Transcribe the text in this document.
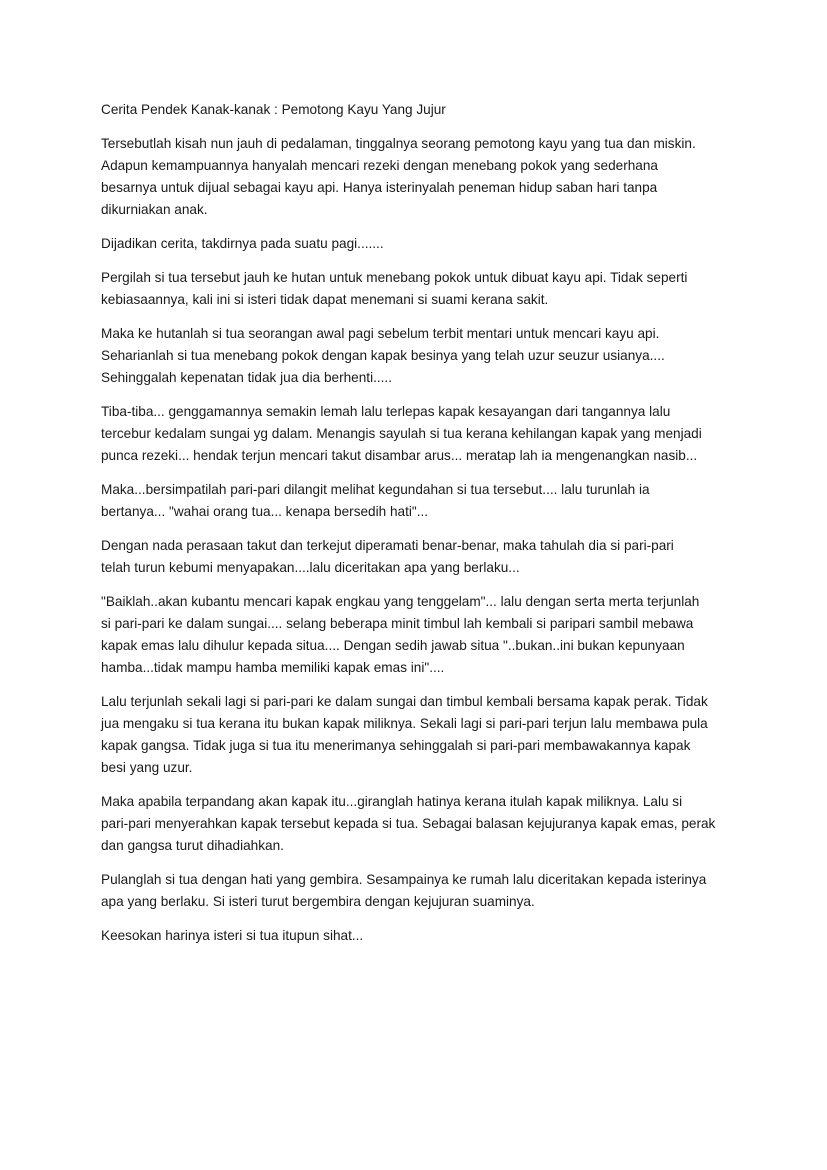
Cerita Pendek Kanak-kanak : Pemotong Kayu Yang Jujur
Tersebutlah kisah nun jauh di pedalaman, tinggalnya seorang pemotong kayu yang tua dan miskin.
Adapun kemampuannya hanyalah mencari rezeki dengan menebang pokok yang sederhana
besarnya untuk dijual sebagai kayu api. Hanya isterinyalah peneman hidup saban hari tanpa
dikurniakan anak.
Dijadikan cerita, takdirnya pada suatu pagi.......
Pergilah si tua tersebut jauh ke hutan untuk menebang pokok untuk dibuat kayu api. Tidak seperti
kebiasaannya, kali ini si isteri tidak dapat menemani si suami kerana sakit.
Maka ke hutanlah si tua seorangan awal pagi sebelum terbit mentari untuk mencari kayu api.
Seharianlah si tua menebang pokok dengan kapak besinya yang telah uzur seuzur usianya....
Sehinggalah kepenatan tidak jua dia berhenti.....
Tiba-tiba... genggamannya semakin lemah lalu terlepas kapak kesayangan dari tangannya lalu
tercebur kedalam sungai yg dalam. Menangis sayulah si tua kerana kehilangan kapak yang menjadi
punca rezeki... hendak terjun mencari takut disambar arus... meratap lah ia mengenangkan nasib...
Maka...bersimpatilah pari-pari dilangit melihat kegundahan si tua tersebut.... lalu turunlah ia
bertanya... "wahai orang tua... kenapa bersedih hati"...
Dengan nada perasaan takut dan terkejut diperamati benar-benar, maka tahulah dia si pari-pari
telah turun kebumi menyapakan....lalu diceritakan apa yang berlaku...
"Baiklah..akan kubantu mencari kapak engkau yang tenggelam"... lalu dengan serta merta terjunlah
si pari-pari ke dalam sungai.... selang beberapa minit timbul lah kembali si paripari sambil mebawa
kapak emas lalu dihulur kepada situa.... Dengan sedih jawab situa "..bukan..ini bukan kepunyaan
hamba...tidak mampu hamba memiliki kapak emas ini"....
Lalu terjunlah sekali lagi si pari-pari ke dalam sungai dan timbul kembali bersama kapak perak. Tidak
jua mengaku si tua kerana itu bukan kapak miliknya. Sekali lagi si pari-pari terjun lalu membawa pula
kapak gangsa. Tidak juga si tua itu menerimanya sehinggalah si pari-pari membawakannya kapak
besi yang uzur.
Maka apabila terpandang akan kapak itu...giranglah hatinya kerana itulah kapak miliknya. Lalu si
pari-pari menyerahkan kapak tersebut kepada si tua. Sebagai balasan kejujuranya kapak emas, perak
dan gangsa turut dihadiahkan.
Pulanglah si tua dengan hati yang gembira. Sesampainya ke rumah lalu diceritakan kepada isterinya
apa yang berlaku. Si isteri turut bergembira dengan kejujuran suaminya.
Keesokan harinya isteri si tua itupun sihat...
